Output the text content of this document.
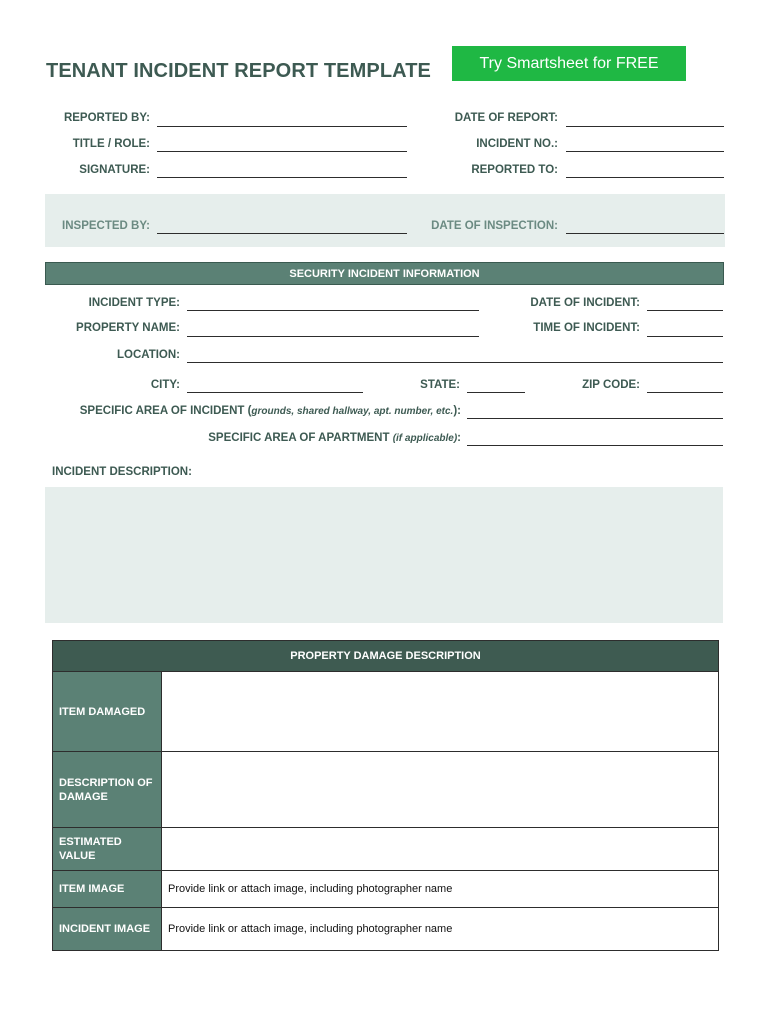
TENANT INCIDENT REPORT TEMPLATE	Try Smartsheet for FREE
REPORTED BY:
TITLE / ROLE:
SIGNATURE:
DATE OF REPORT:
INCIDENT NO.:
REPORTED TO:
INSPECTED BY:	DATE OF INSPECTION:
SECURITY INCIDENT INFORMATION
INCIDENT TYPE:
PROPERTY NAME:
DATE OF INCIDENT:
TIME OF INCIDENT:
LOCATION:
CITY:	STATE:	ZIP CODE:
SPECIFIC AREA OF INCIDENT (grounds, shared hallway, apt. number, etc.):
SPECIFIC AREA OF APARTMENT (if applicable):
INCIDENT DESCRIPTION:
PROPERTY DAMAGE DESCRIPTION	
ITEM DAMAGED	
DESCRIPTION OF DAMAGE	
ESTIMATED VALUE	
ITEM IMAGE	Provide link or attach image, including photographer name
INCIDENT IMAGE	Provide link or attach image, including photographer name
